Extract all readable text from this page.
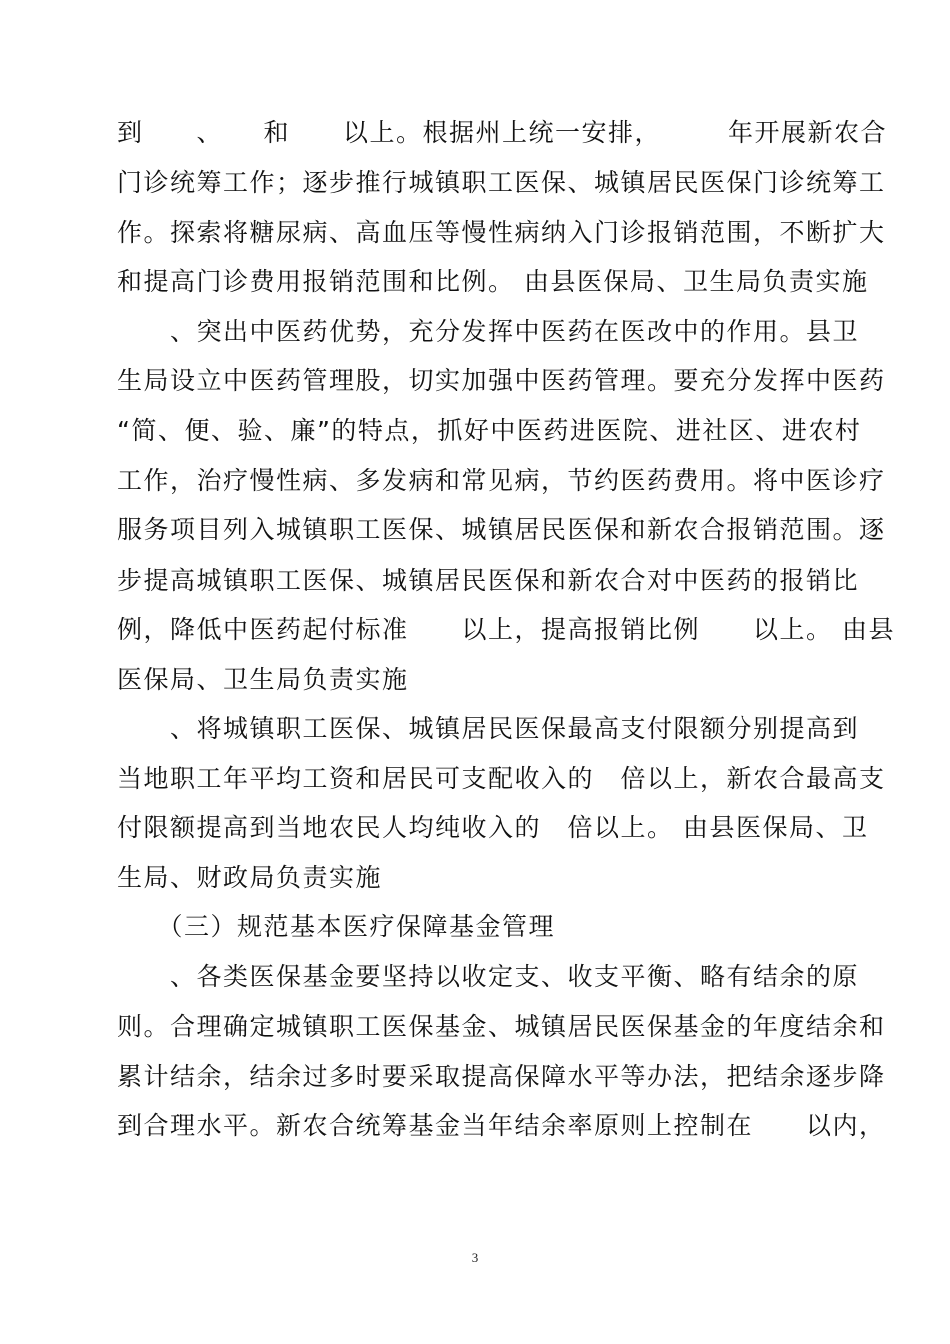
到　　、　　和　　以上。根据州上统一安排，　　　年开展新农合
门诊统筹工作；逐步推行城镇职工医保、城镇居民医保门诊统筹工
作。探索将糖尿病、高血压等慢性病纳入门诊报销范围，不断扩大
和提高门诊费用报销范围和比例。 由县医保局、卫生局负责实施
　　、突出中医药优势，充分发挥中医药在医改中的作用。县卫
生局设立中医药管理股，切实加强中医药管理。要充分发挥中医药
“简、便、验、廉”的特点，抓好中医药进医院、进社区、进农村
工作，治疗慢性病、多发病和常见病，节约医药费用。将中医诊疗
服务项目列入城镇职工医保、城镇居民医保和新农合报销范围。逐
步提高城镇职工医保、城镇居民医保和新农合对中医药的报销比
例，降低中医药起付标准　　以上，提高报销比例　　以上。 由县
医保局、卫生局负责实施
　　、将城镇职工医保、城镇居民医保最高支付限额分别提高到
当地职工年平均工资和居民可支配收入的　倍以上，新农合最高支
付限额提高到当地农民人均纯收入的　倍以上。 由县医保局、卫
生局、财政局负责实施
　　（三）规范基本医疗保障基金管理
　　、各类医保基金要坚持以收定支、收支平衡、略有结余的原
则。合理确定城镇职工医保基金、城镇居民医保基金的年度结余和
累计结余，结余过多时要采取提高保障水平等办法，把结余逐步降
到合理水平。新农合统筹基金当年结余率原则上控制在　　以内，
3
